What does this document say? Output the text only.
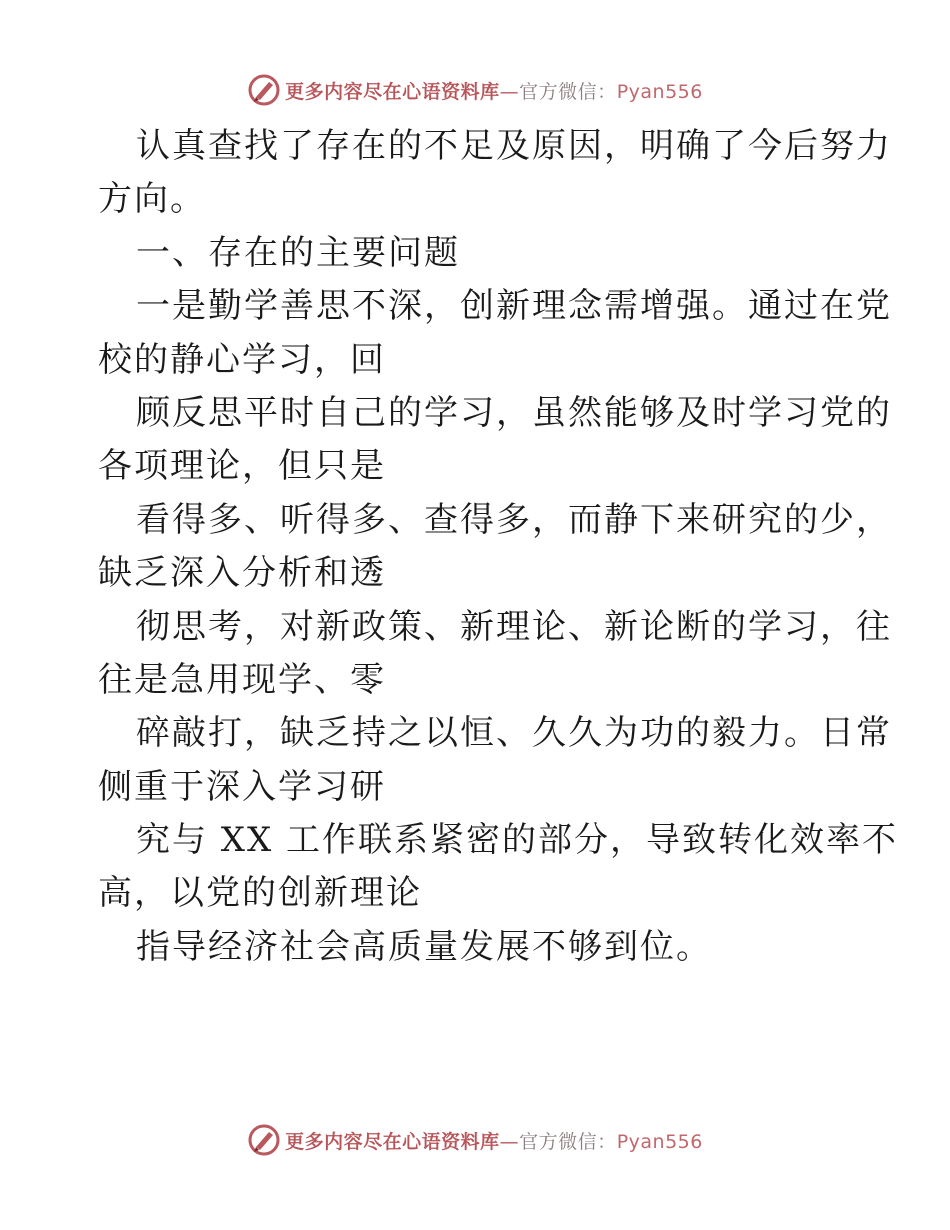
更多内容尽在心语资料库—官方微信：Pyan556
认真查找了存在的不足及原因，明确了今后努力
方向。
一、存在的主要问题
一是勤学善思不深，创新理念需增强。通过在党
校的静心学习，回
顾反思平时自己的学习，虽然能够及时学习党的
各项理论，但只是
看得多、听得多、查得多，而静下来研究的少，
缺乏深入分析和透
彻思考，对新政策、新理论、新论断的学习，往
往是急用现学、零
碎敲打，缺乏持之以恒、久久为功的毅力。日常
侧重于深入学习研
究与 XX 工作联系紧密的部分，导致转化效率不
高，以党的创新理论
指导经济社会高质量发展不够到位。
更多内容尽在心语资料库—官方微信：Pyan556
